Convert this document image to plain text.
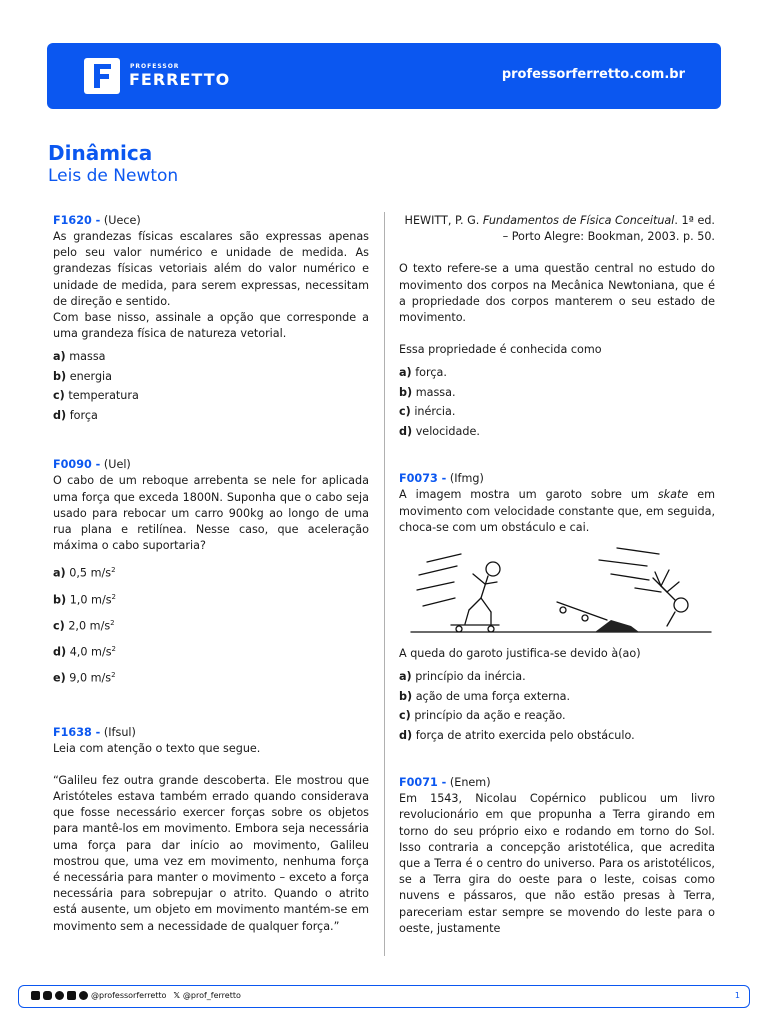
PROFESSOR
FERRETTO	professorferretto.com.br
Dinâmica
Leis de Newton
F1620 - (Uece)
As grandezas físicas escalares são expressas apenas pelo seu valor numérico e unidade de medida. As grandezas físicas vetoriais além do valor numérico e unidade de medida, para serem expressas, necessitam de direção e sentido.
Com base nisso, assinale a opção que corresponde a uma grandeza física de natureza vetorial.
a) massa
b) energia
c) temperatura
d) força
F0090 - (Uel)
O cabo de um reboque arrebenta se nele for aplicada uma força que exceda 1800N. Suponha que o cabo seja usado para rebocar um carro 900kg ao longo de uma rua plana e retilínea. Nesse caso, que aceleração máxima o cabo suportaria?
a) 0,5 $m/s^2$
b) 1,0 $m/s^2$
c) 2,0 $m/s^2$
d) 4,0 $m/s^2$
e) 9,0 $m/s^2$
F1638 - (Ifsul)
Leia com atenção o texto que segue.
“Galileu fez outra grande descoberta. Ele mostrou que Aristóteles estava também errado quando considerava que fosse necessário exercer forças sobre os objetos para mantê-los em movimento. Embora seja necessária uma força para dar início ao movimento, Galileu mostrou que, uma vez em movimento, nenhuma força é necessária para manter o movimento – exceto a força necessária para sobrepujar o atrito. Quando o atrito está ausente, um objeto em movimento mantém-se em movimento sem a necessidade de qualquer força.”
HEWITT, P. G. Fundamentos de Física Conceitual. 1ª ed. – Porto Alegre: Bookman, 2003. p. 50.
O texto refere-se a uma questão central no estudo do movimento dos corpos na Mecânica Newtoniana, que é a propriedade dos corpos manterem o seu estado de movimento.
Essa propriedade é conhecida como
a) força.
b) massa.
c) inércia.
d) velocidade.
F0073 - (Ifmg)
A imagem mostra um garoto sobre um skate em movimento com velocidade constante que, em seguida, choca-se com um obstáculo e cai.
A queda do garoto justifica-se devido à(ao)
a) princípio da inércia.
b) ação de uma força externa.
c) princípio da ação e reação.
d) força de atrito exercida pelo obstáculo.
F0071 - (Enem)
Em 1543, Nicolau Copérnico publicou um livro revolucionário em que propunha a Terra girando em torno do seu próprio eixo e rodando em torno do Sol. Isso contraria a concepção aristotélica, que acredita que a Terra é o centro do universo. Para os aristotélicos, se a Terra gira do oeste para o leste, coisas como nuvens e pássaros, que não estão presas à Terra, pareceriam estar sempre se movendo do leste para o oeste, justamente
@professorferretto 𝕏 @prof_ferretto	1
